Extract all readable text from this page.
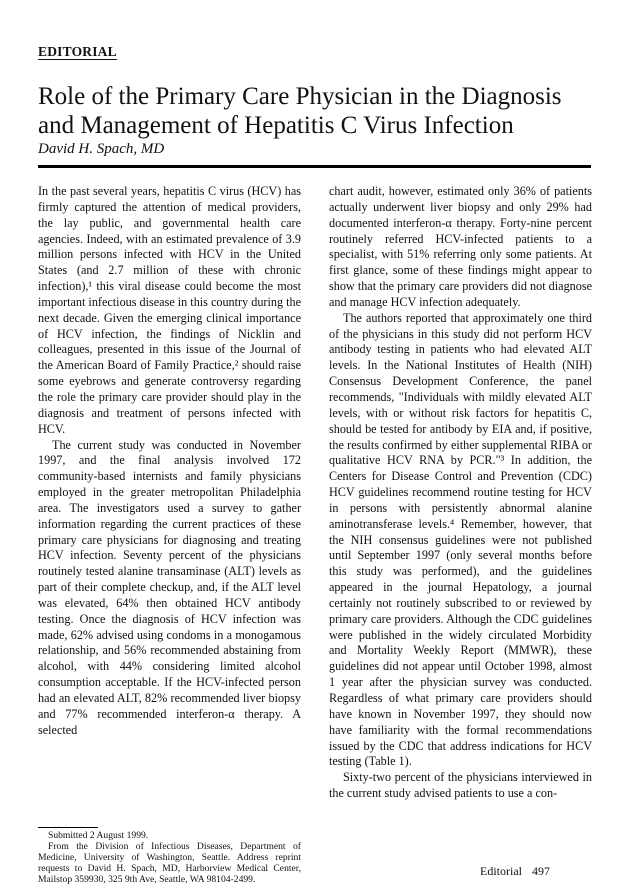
EDITORIAL
Role of the Primary Care Physician in the Diagnosis and Management of Hepatitis C Virus Infection
David H. Spach, MD

In the past several years, hepatitis C virus (HCV) has firmly captured the attention of medical providers, the lay public, and governmental health care agencies. Indeed, with an estimated prevalence of 3.9 million persons infected with HCV in the United States (and 2.7 million of these with chronic infection),¹ this viral disease could become the most important infectious disease in this country during the next decade. Given the emerging clinical importance of HCV infection, the findings of Nicklin and colleagues, presented in this issue of the Journal of the American Board of Family Practice,² should raise some eyebrows and generate controversy regarding the role the primary care provider should play in the diagnosis and treatment of persons infected with HCV.

The current study was conducted in November 1997, and the final analysis involved 172 community-based internists and family physicians employed in the greater metropolitan Philadelphia area. The investigators used a survey to gather information regarding the current practices of these primary care physicians for diagnosing and treating HCV infection. Seventy percent of the physicians routinely tested alanine transaminase (ALT) levels as part of their complete checkup, and, if the ALT level was elevated, 64% then obtained HCV antibody testing. Once the diagnosis of HCV infection was made, 62% advised using condoms in a monogamous relationship, and 56% recommended abstaining from alcohol, with 44% considering limited alcohol consumption acceptable. If the HCV-infected person had an elevated ALT, 82% recommended liver biopsy and 77% recommended interferon-α therapy. A selected

Submitted 2 August 1999.

From the Division of Infectious Diseases, Department of Medicine, University of Washington, Seattle. Address reprint requests to David H. Spach, MD, Harborview Medical Center, Mailstop 359930, 325 9th Ave, Seattle, WA 98104-2499.

chart audit, however, estimated only 36% of patients actually underwent liver biopsy and only 29% had documented interferon-α therapy. Forty-nine percent routinely referred HCV-infected patients to a specialist, with 51% referring only some patients. At first glance, some of these findings might appear to show that the primary care providers did not diagnose and manage HCV infection adequately.

The authors reported that approximately one third of the physicians in this study did not perform HCV antibody testing in patients who had elevated ALT levels. In the National Institutes of Health (NIH) Consensus Development Conference, the panel recommends, "Individuals with mildly elevated ALT levels, with or without risk factors for hepatitis C, should be tested for antibody by EIA and, if positive, the results confirmed by either supplemental RIBA or qualitative HCV RNA by PCR."³ In addition, the Centers for Disease Control and Prevention (CDC) HCV guidelines recommend routine testing for HCV in persons with persistently abnormal alanine aminotransferase levels.⁴ Remember, however, that the NIH consensus guidelines were not published until September 1997 (only several months before this study was performed), and the guidelines appeared in the journal Hepatology, a journal certainly not routinely subscribed to or reviewed by primary care providers. Although the CDC guidelines were published in the widely circulated Morbidity and Mortality Weekly Report (MMWR), these guidelines did not appear until October 1998, almost 1 year after the physician survey was conducted. Regardless of what primary care providers should have known in November 1997, they should now have familiarity with the formal recommendations issued by the CDC that address indications for HCV testing (Table 1).

Sixty-two percent of the physicians interviewed in the current study advised patients to use a con-

Editorial 497
